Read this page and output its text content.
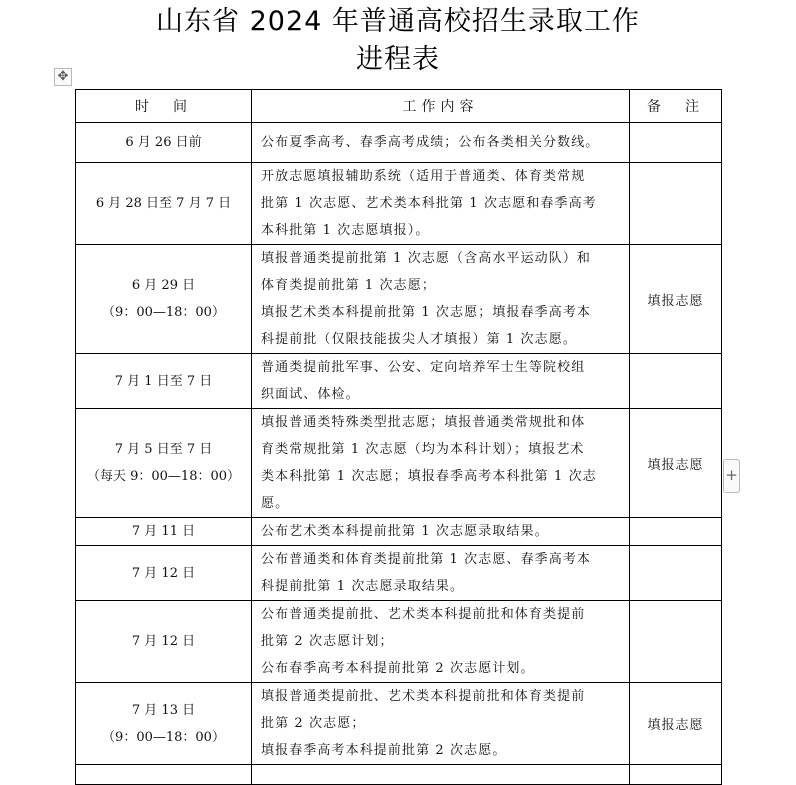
山东省 2024 年普通高校招生录取工作
进程表
✥
+
时　间	工作内容	备　注

6 月 26 日前	公布夏季高考、春季高考成绩；公布各类相关分数线。	

6 月 28 日至 7 月 7 日	开放志愿填报辅助系统（适用于普通类、体育类常规
批第 1 次志愿、艺术类本科批第 1 次志愿和春季高考
本科批第 1 次志愿填报）。	

6 月 29 日
（9：00—18：00）	填报普通类提前批第 1 次志愿（含高水平运动队）和
体育类提前批第 1 次志愿；
填报艺术类本科提前批第 1 次志愿；填报春季高考本
科提前批（仅限技能拔尖人才填报）第 1 次志愿。	填报志愿

7 月 1 日至 7 日	普通类提前批军事、公安、定向培养军士生等院校组
织面试、体检。	

7 月 5 日至 7 日
（每天 9：00—18：00）	填报普通类特殊类型批志愿；填报普通类常规批和体
育类常规批第 1 次志愿（均为本科计划）；填报艺术
类本科批第 1 次志愿；填报春季高考本科批第 1 次志
愿。	填报志愿

7 月 11 日	公布艺术类本科提前批第 1 次志愿录取结果。	

7 月 12 日	公布普通类和体育类提前批第 1 次志愿、春季高考本
科提前批第 1 次志愿录取结果。	

7 月 12 日	公布普通类提前批、艺术类本科提前批和体育类提前
批第 2 次志愿计划；
公布春季高考本科提前批第 2 次志愿计划。	

7 月 13 日
（9：00—18：00）	填报普通类提前批、艺术类本科提前批和体育类提前
批第 2 次志愿；
填报春季高考本科提前批第 2 次志愿。	填报志愿
